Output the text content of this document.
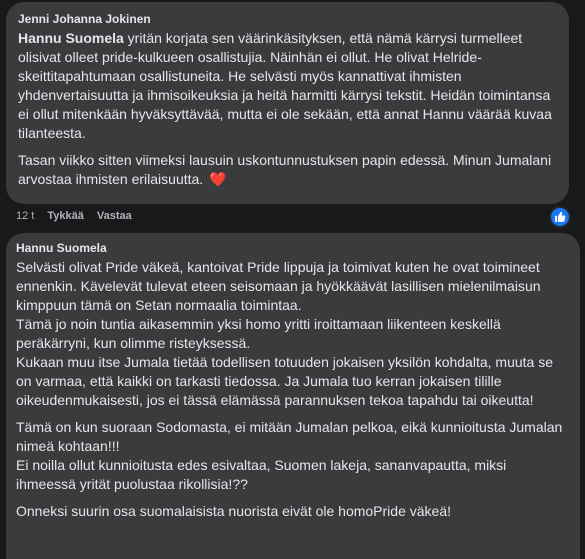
Jenni Johanna Jokinen

Hannu Suomela yritän korjata sen väärinkäsityksen, että nämä kärrysi turmelleet olisivat olleet pride-kulkueen osallistujia. Näinhän ei ollut. He olivat Helride-skeittitapahtumaan osallistuneita. He selvästi myös kannattivat ihmisten yhdenvertaisuutta ja ihmisoikeuksia ja heitä harmitti kärrysi tekstit. Heidän toimintansa ei ollut mitenkään hyväksyttävää, mutta ei ole sekään, että annat Hannu väärää kuvaa tilanteesta.

Tasan viikko sitten viimeksi lausuin uskontunnustuksen papin edessä. Minun Jumalani arvostaa ihmisten erilaisuutta. ❤️

12 t Tykkää Vastaa
Hannu Suomela

Selvästi olivat Pride väkeä, kantoivat Pride lippuja ja toimivat kuten he ovat toimineet ennenkin. Kävelevät tulevat eteen seisomaan ja hyökkäävät lasillisen mielenilmaisun kimppuun tämä on Setan normaalia toimintaa.
Tämä jo noin tuntia aikasemmin yksi homo yritti iroittamaan liikenteen keskellä peräkärryni, kun olimme risteyksessä.
Kukaan muu itse Jumala tietää todellisen totuuden jokaisen yksilön kohdalta, muuta se on varmaa, että kaikki on tarkasti tiedossa. Ja Jumala tuo kerran jokaisen tilille oikeudenmukaisesti, jos ei tässä elämässä parannuksen tekoa tapahdu tai oikeutta!

Tämä on kun suoraan Sodomasta, ei mitään Jumalan pelkoa, eikä kunnioitusta Jumalan nimeä kohtaan!!!
Ei noilla ollut kunnioitusta edes esivaltaa, Suomen lakeja, sananvapautta, miksi ihmeessä yrität puolustaa rikollisia!??

Onneksi suurin osa suomalaisista nuorista eivät ole homoPride väkeä!
